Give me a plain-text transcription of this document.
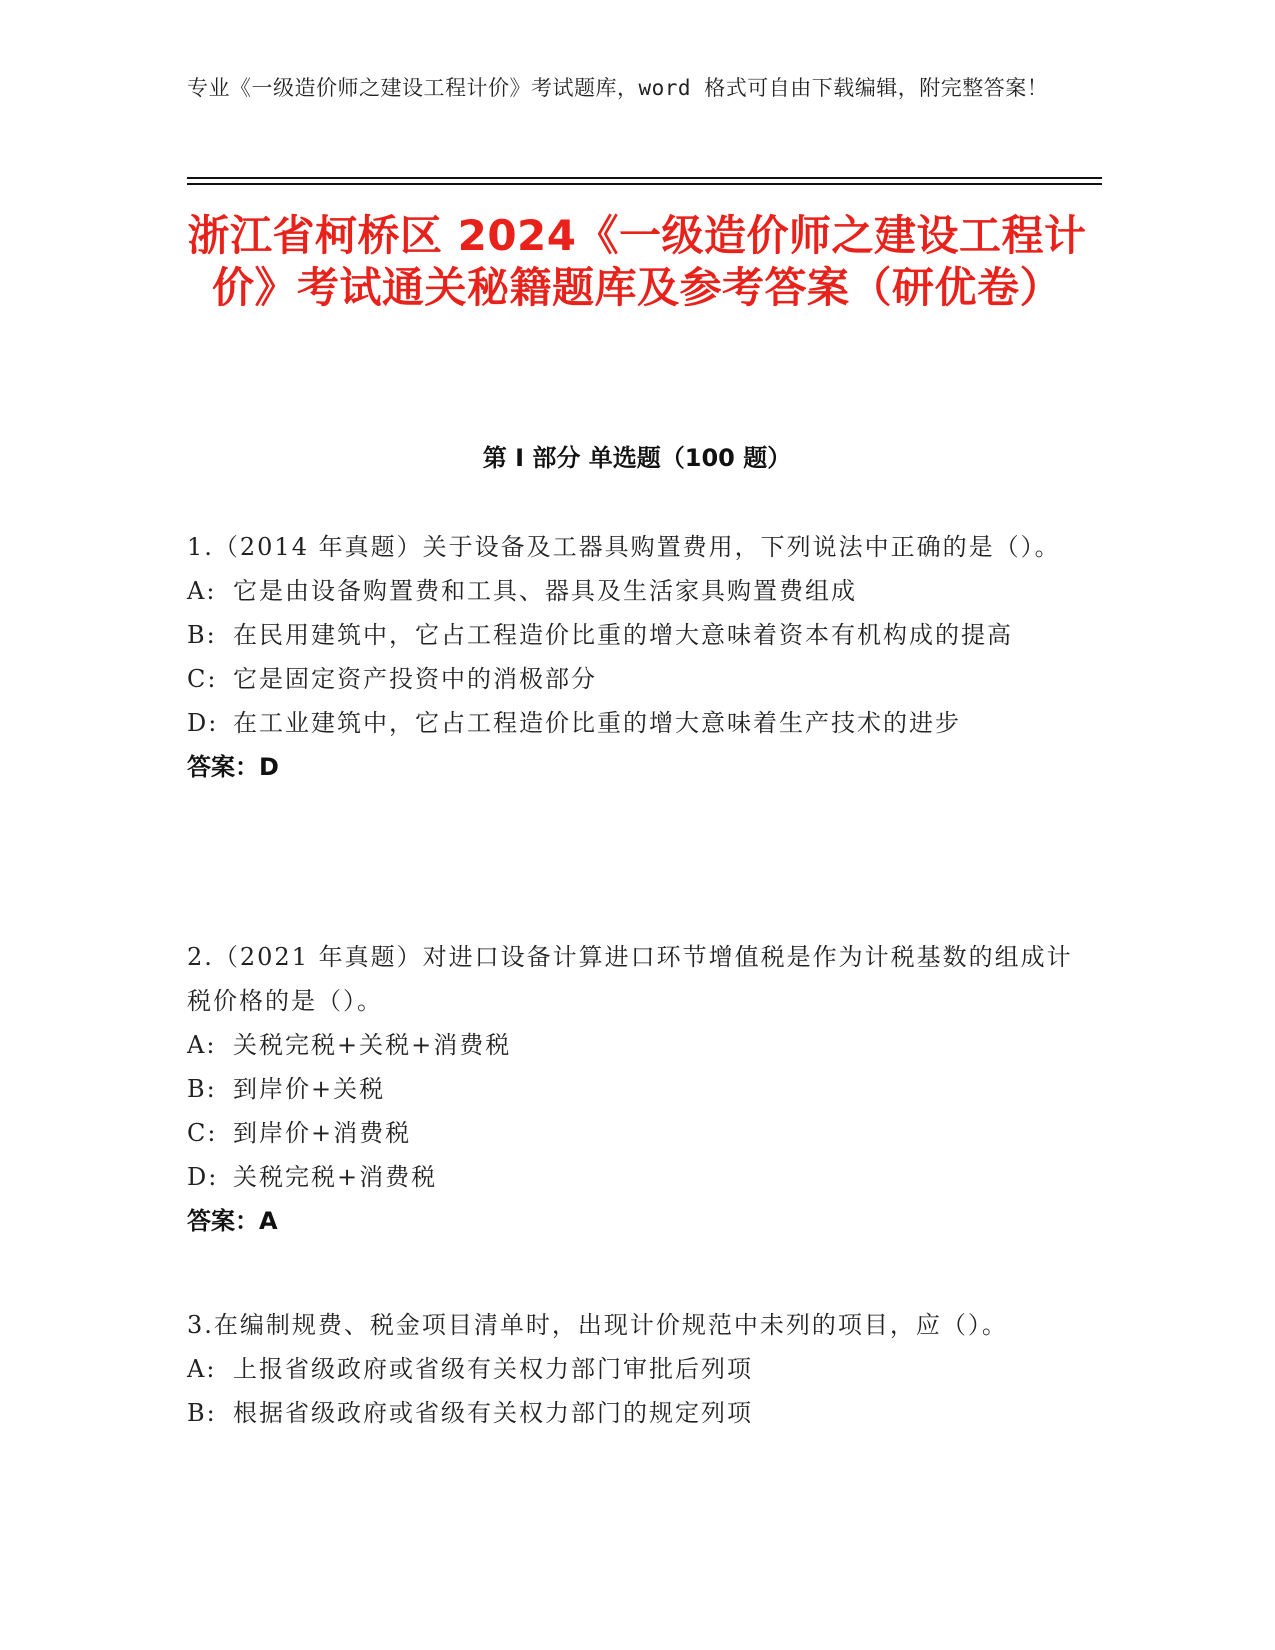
专业《一级造价师之建设工程计价》考试题库，word 格式可自由下载编辑，附完整答案！
浙江省柯桥区 2024《一级造价师之建设工程计价》考试通关秘籍题库及参考答案（研优卷）
第 I 部分 单选题（100 题）
1.（2014 年真题）关于设备及工器具购置费用，下列说法中正确的是（）。
A: 它是由设备购置费和工具、器具及生活家具购置费组成
B: 在民用建筑中，它占工程造价比重的增大意味着资本有机构成的提高
C: 它是固定资产投资中的消极部分
D: 在工业建筑中，它占工程造价比重的增大意味着生产技术的进步
答案：D
2.（2021 年真题）对进口设备计算进口环节增值税是作为计税基数的组成计税价格的是（）。
A: 关税完税+关税+消费税
B: 到岸价+关税
C: 到岸价+消费税
D: 关税完税+消费税
答案：A
3.在编制规费、税金项目清单时，出现计价规范中未列的项目，应（）。
A: 上报省级政府或省级有关权力部门审批后列项
B: 根据省级政府或省级有关权力部门的规定列项
